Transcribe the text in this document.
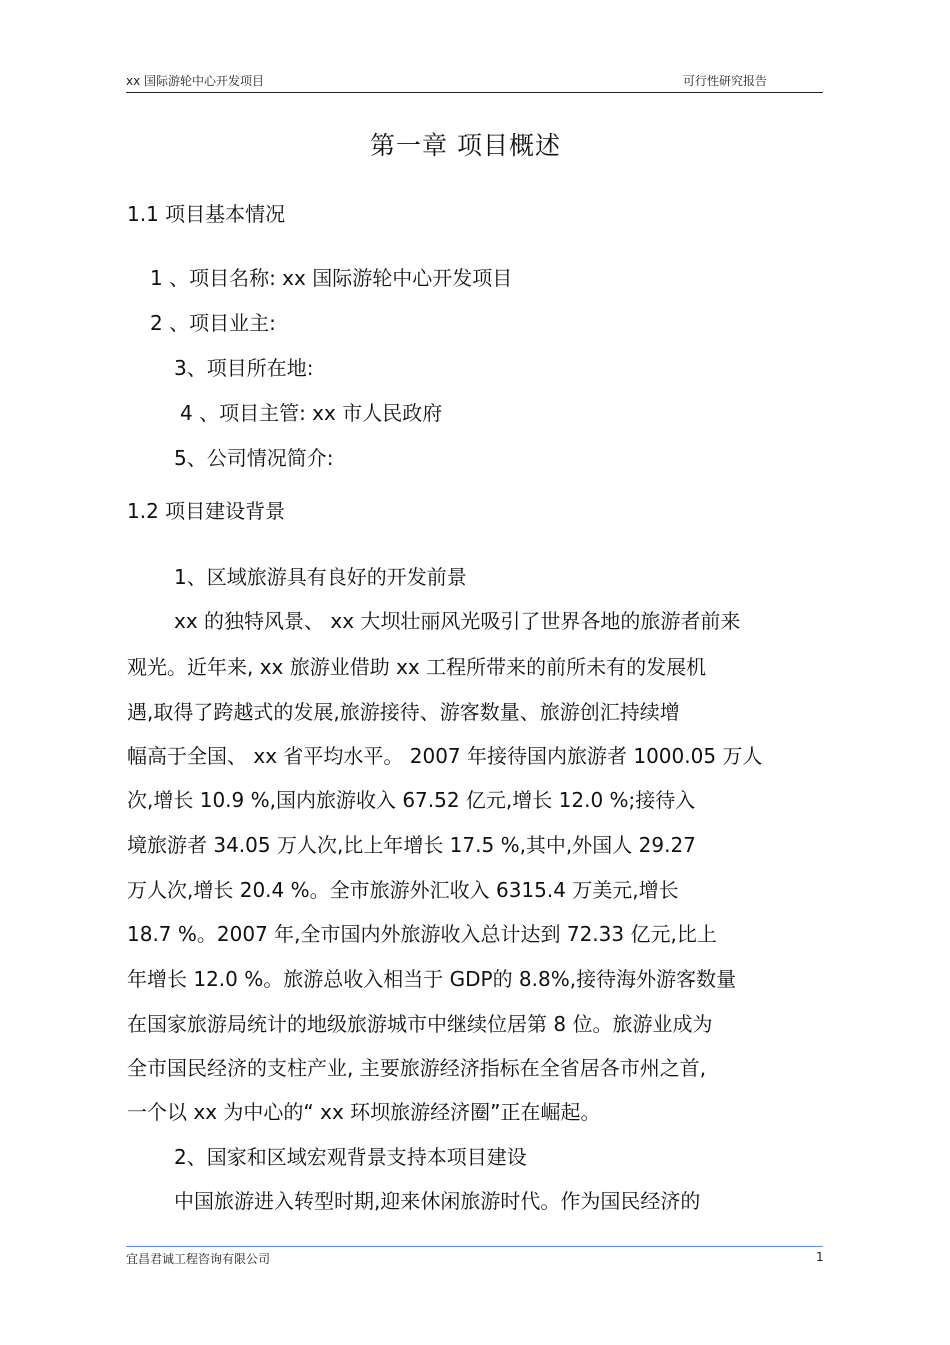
xx 国际游轮中心开发项目	可行性研究报告
第一章 项目概述
1.1 项目基本情况
1 、项目名称: xx 国际游轮中心开发项目
2 、项目业主:
3、项目所在地:
4 、项目主管: xx 市人民政府
5、公司情况简介:
1.2 项目建设背景
1、区域旅游具有良好的开发前景
xx 的独特风景、 xx 大坝壮丽风光吸引了世界各地的旅游者前来
观光。近年来, xx 旅游业借助 xx 工程所带来的前所未有的发展机
遇,取得了跨越式的发展,旅游接待、游客数量、旅游创汇持续增
幅高于全国、 xx 省平均水平。 2007 年接待国内旅游者 1000.05 万人
次,增长 10.9 %,国内旅游收入 67.52 亿元,增长 12.0 %;接待入
境旅游者 34.05 万人次,比上年增长 17.5 %,其中,外国人 29.27
万人次,增长 20.4 %。全市旅游外汇收入 6315.4 万美元,增长
18.7 %。2007 年,全市国内外旅游收入总计达到 72.33 亿元,比上
年增长 12.0 %。旅游总收入相当于 GDP的 8.8%,接待海外游客数量
在国家旅游局统计的地级旅游城市中继续位居第 8 位。旅游业成为
全市国民经济的支柱产业, 主要旅游经济指标在全省居各市州之首,
一个以 xx 为中心的“ xx 环坝旅游经济圈”正在崛起。
2、国家和区域宏观背景支持本项目建设
中国旅游进入转型时期,迎来休闲旅游时代。作为国民经济的
宜昌君诚工程咨询有限公司	1
